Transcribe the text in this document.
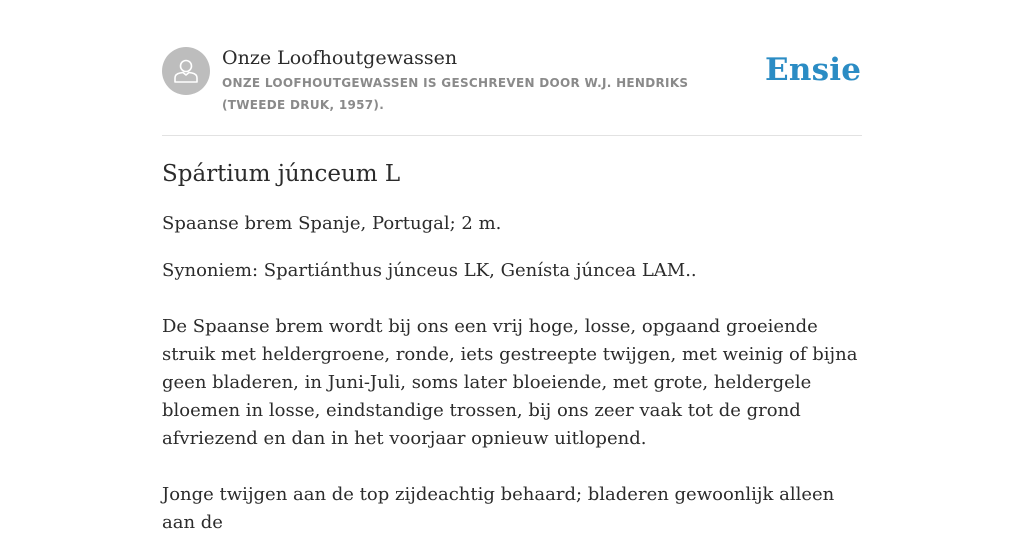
Onze Loofhoutgewassen
ONZE LOOFHOUTGEWASSEN IS GESCHREVEN DOOR W.J. HENDRIKS (TWEEDE DRUK, 1957).
Ensie
Spártium júnceum L

Spaanse brem Spanje, Portugal; 2 m.

Synoniem: Spartiánthus júnceus LK, Genísta júncea LAM..

De Spaanse brem wordt bij ons een vrij hoge, losse, opgaand groeiende struik met heldergroene, ronde, iets gestreepte twijgen, met weinig of bijna geen bladeren, in Juni-Juli, soms later bloeiende, met grote, heldergele bloemen in losse, eindstandige trossen, bij ons zeer vaak tot de grond afvriezend en dan in het voorjaar opnieuw uitlopend.

Jonge twijgen aan de top zijdeachtig behaard; bladeren gewoonlijk alleen aan de
